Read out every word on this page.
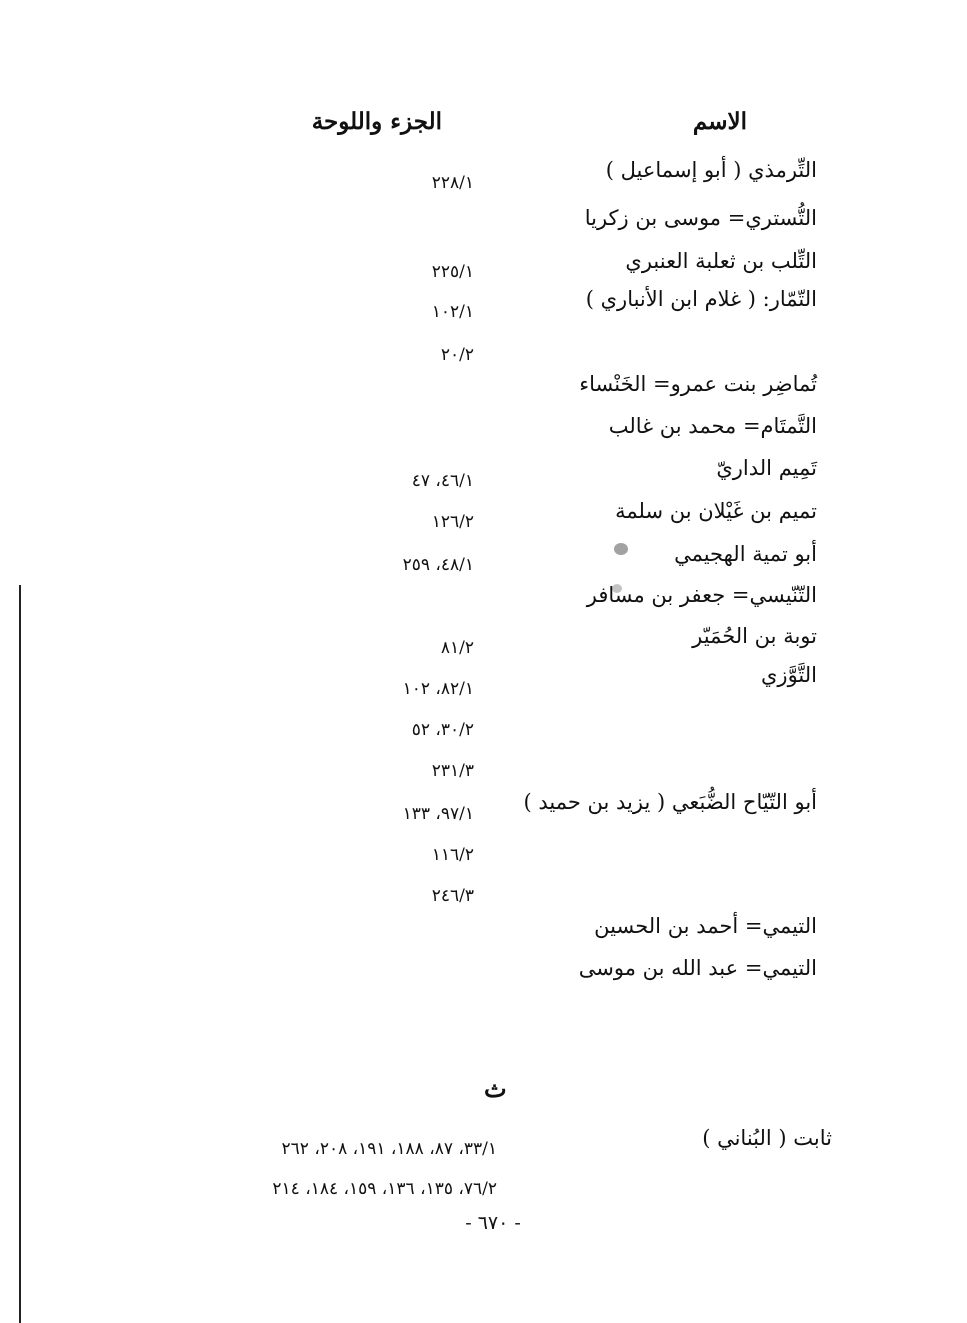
الاسم
الجزء واللوحة
التِّرمذي ( أبو إسماعيل )
٢٢٨/١
التُّستري= موسى بن زكريا
التِّلب بن ثعلبة العنبري
٢٢٥/١
التّمّار: ( غلام ابن الأنباري )
١٠٢/١
٢٠/٢
تُماضِر بنت عمرو= الخَنْساء
التَّمتَام= محمد بن غالب
تَمِيم الداريّ
٤٦/١، ٤٧
تميم بن غَيْلان بن سلمة
١٢٦/٢
أبو تمية الهجيمي
٤٨/١، ٢٥٩
التّنّيسي= جعفر بن مسافر
توبة بن الحُمَيّر
٨١/٢
التَّوَّزي
٨٢/١، ١٠٢
٣٠/٢، ٥٢
٢٣١/٣
أبو التّيّاح الضُّبَعي ( يزيد بن حميد )
٩٧/١، ١٣٣
١١٦/٢
٢٤٦/٣
التيمي= أحمد بن الحسين
التيمي= عبد الله بن موسى
ث
ثابت ( البُناني )
٣٣/١، ٨٧، ١٨٨، ١٩١، ٢٠٨، ٢٦٢
٧٦/٢، ١٣٥، ١٣٦، ١٥٩، ١٨٤، ٢١٤
- ٦٧٠ -
